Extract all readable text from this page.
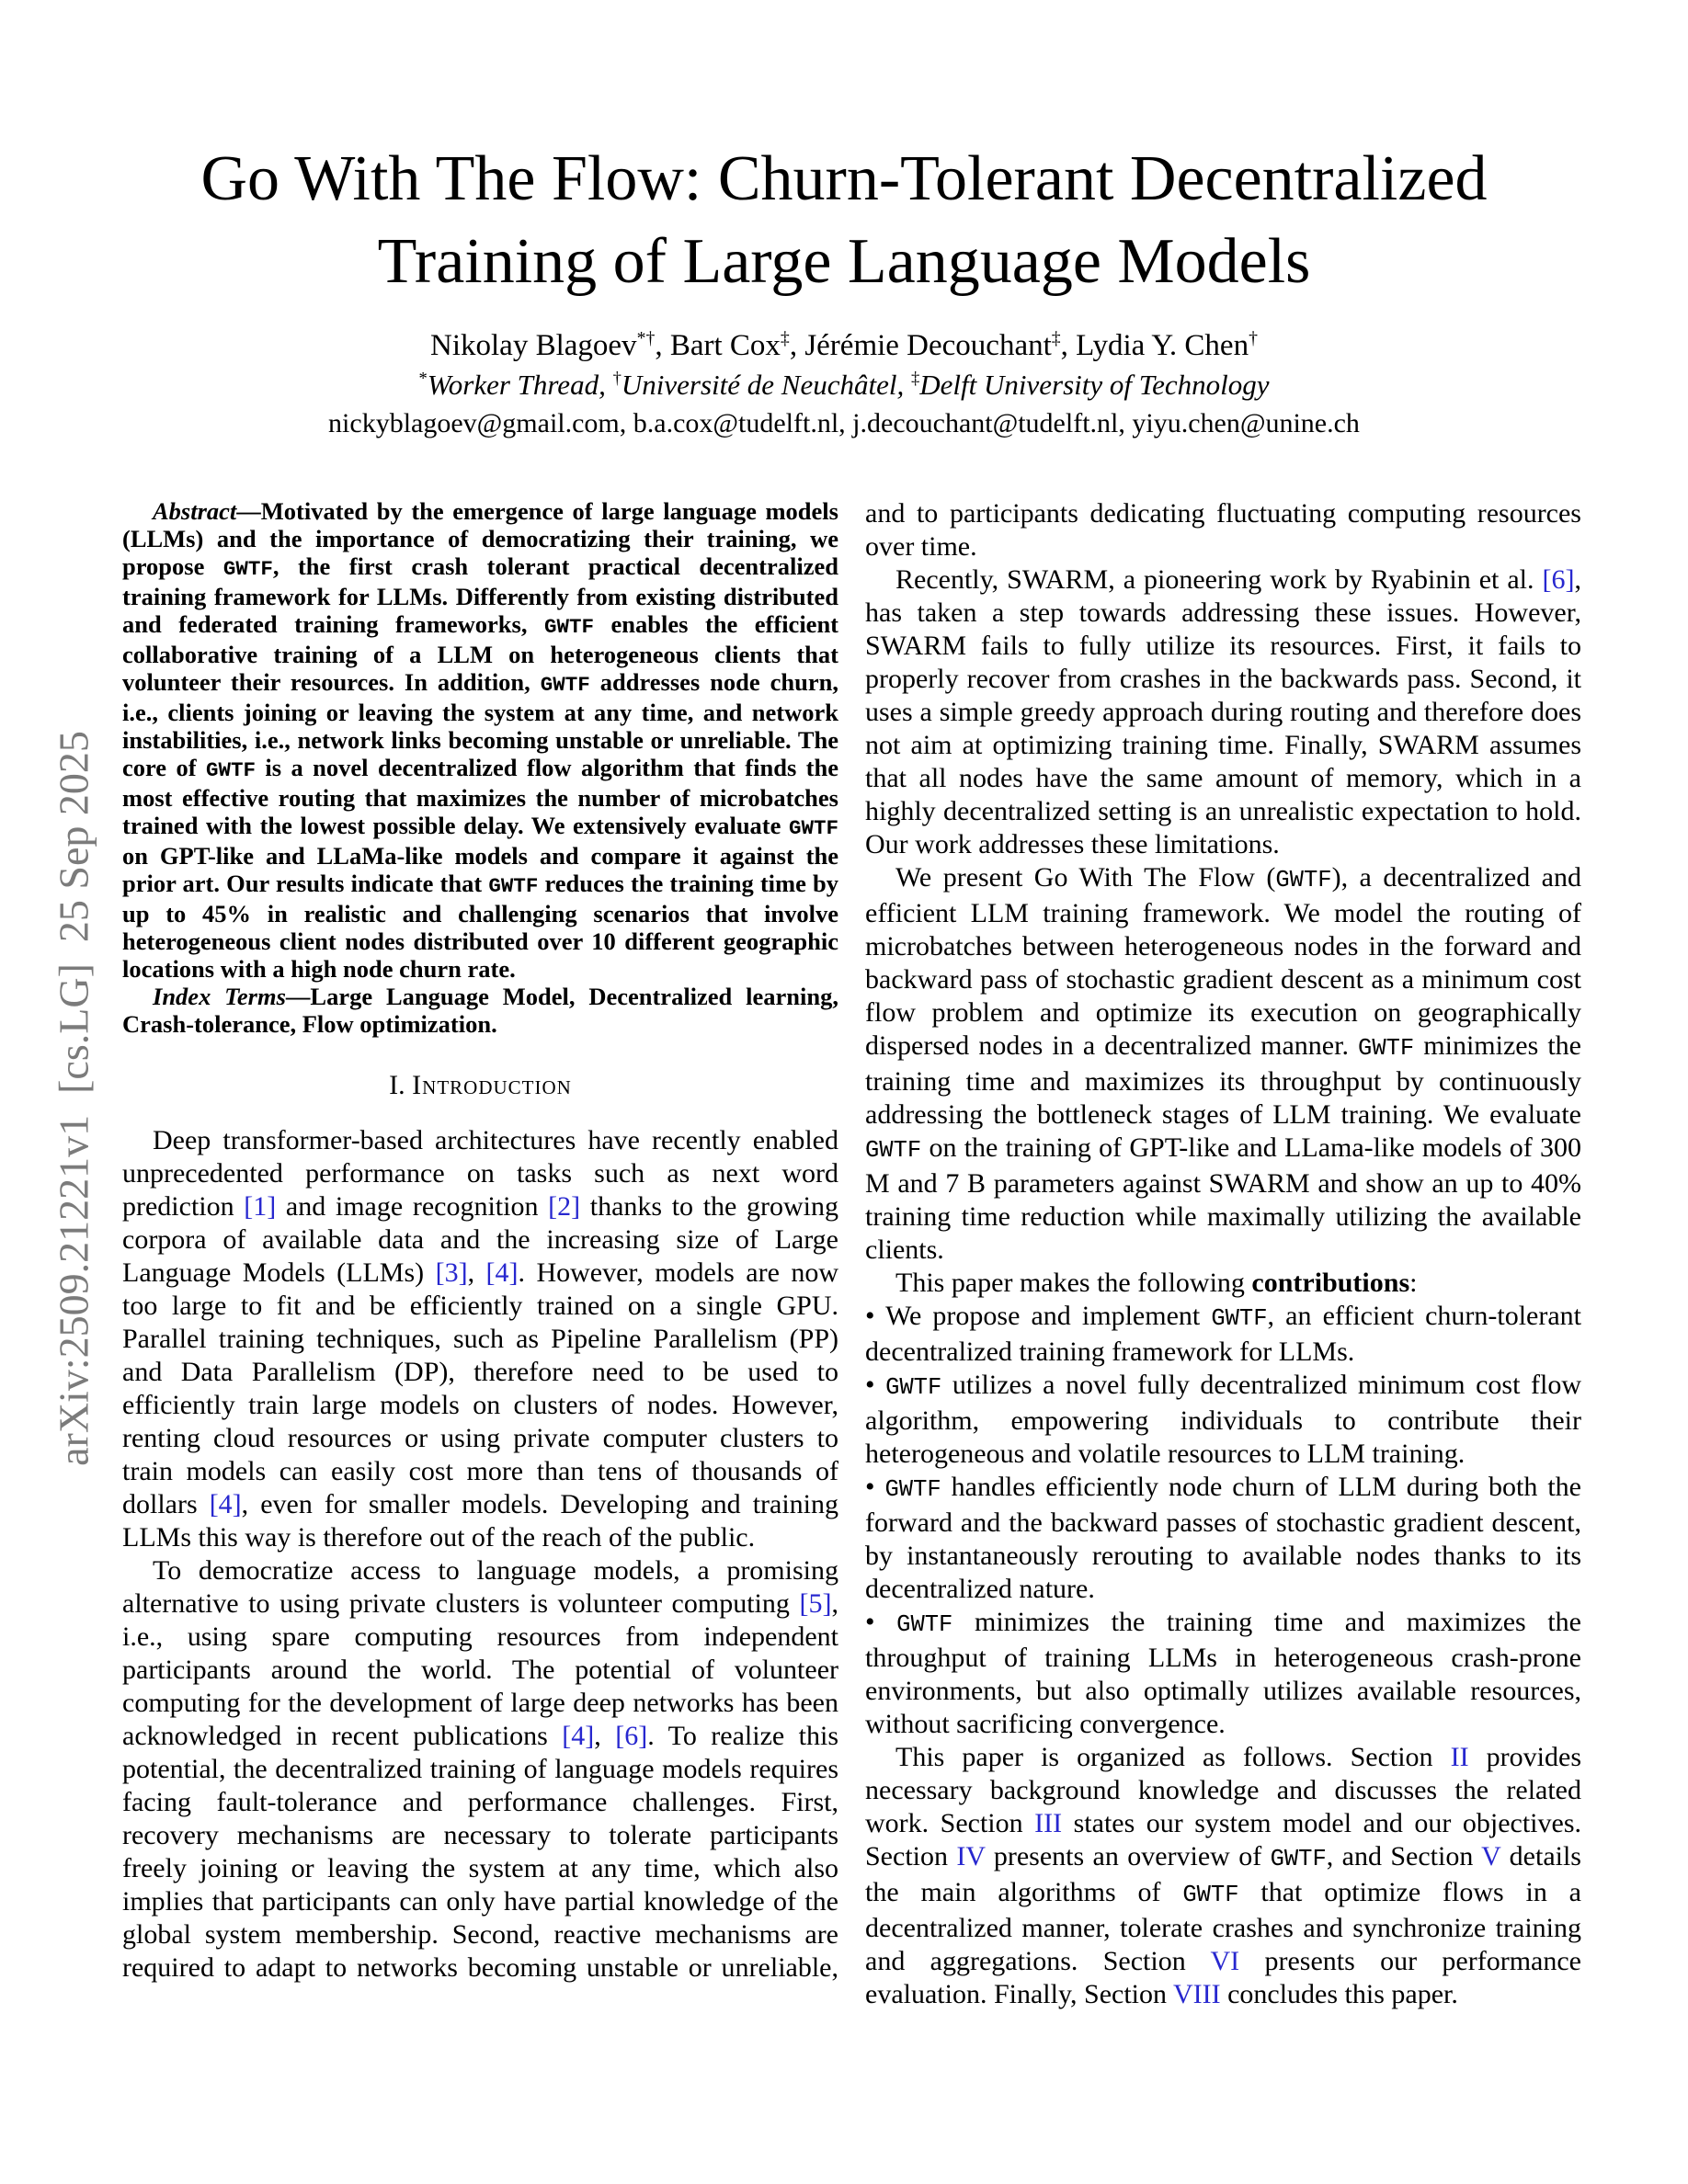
arXiv:2509.21221v1  [cs.LG]  25 Sep 2025
Go With The Flow: Churn-Tolerant Decentralized
Training of Large Language Models
Nikolay Blagoev*†, Bart Cox‡, Jérémie Decouchant‡, Lydia Y. Chen†
*Worker Thread, †Université de Neuchâtel, ‡Delft University of Technology
nickyblagoev@gmail.com, b.a.cox@tudelft.nl, j.decouchant@tudelft.nl, yiyu.chen@unine.ch

Abstract—Motivated by the emergence of large language models (LLMs) and the importance of democratizing their training, we propose GWTF, the first crash tolerant practical decentralized training framework for LLMs. Differently from existing distributed and federated training frameworks, GWTF enables the efficient collaborative training of a LLM on heterogeneous clients that volunteer their resources. In addition, GWTF addresses node churn, i.e., clients joining or leaving the system at any time, and network instabilities, i.e., network links becoming unstable or unreliable. The core of GWTF is a novel decentralized flow algorithm that finds the most effective routing that maximizes the number of microbatches trained with the lowest possible delay. We extensively evaluate GWTF on GPT-like and LLaMa-like models and compare it against the prior art. Our results indicate that GWTF reduces the training time by up to 45% in realistic and challenging scenarios that involve heterogeneous client nodes distributed over 10 different geographic locations with a high node churn rate.

Index Terms—Large Language Model, Decentralized learning, Crash-tolerance, Flow optimization.

I. Introduction

Deep transformer-based architectures have recently enabled unprecedented performance on tasks such as next word prediction [1] and image recognition [2] thanks to the growing corpora of available data and the increasing size of Large Language Models (LLMs) [3], [4]. However, models are now too large to fit and be efficiently trained on a single GPU. Parallel training techniques, such as Pipeline Parallelism (PP) and Data Parallelism (DP), therefore need to be used to efficiently train large models on clusters of nodes. However, renting cloud resources or using private computer clusters to train models can easily cost more than tens of thousands of dollars [4], even for smaller models. Developing and training LLMs this way is therefore out of the reach of the public.

To democratize access to language models, a promising alternative to using private clusters is volunteer computing [5], i.e., using spare computing resources from independent participants around the world. The potential of volunteer computing for the development of large deep networks has been acknowledged in recent publications [4], [6]. To realize this potential, the decentralized training of language models requires facing fault-tolerance and performance challenges. First, recovery mechanisms are necessary to tolerate participants freely joining or leaving the system at any time, which also implies that participants can only have partial knowledge of the global system membership. Second, reactive mechanisms are required to adapt to networks becoming unstable or unreliable,

and to participants dedicating fluctuating computing resources over time.

Recently, SWARM, a pioneering work by Ryabinin et al. [6], has taken a step towards addressing these issues. However, SWARM fails to fully utilize its resources. First, it fails to properly recover from crashes in the backwards pass. Second, it uses a simple greedy approach during routing and therefore does not aim at optimizing training time. Finally, SWARM assumes that all nodes have the same amount of memory, which in a highly decentralized setting is an unrealistic expectation to hold. Our work addresses these limitations.

We present Go With The Flow (GWTF), a decentralized and efficient LLM training framework. We model the routing of microbatches between heterogeneous nodes in the forward and backward pass of stochastic gradient descent as a minimum cost flow problem and optimize its execution on geographically dispersed nodes in a decentralized manner. GWTF minimizes the training time and maximizes its throughput by continuously addressing the bottleneck stages of LLM training. We evaluate GWTF on the training of GPT-like and LLama-like models of 300 M and 7 B parameters against SWARM and show an up to 40% training time reduction while maximally utilizing the available clients.

This paper makes the following contributions:

• We propose and implement GWTF, an efficient churn-tolerant decentralized training framework for LLMs.

• GWTF utilizes a novel fully decentralized minimum cost flow algorithm, empowering individuals to contribute their heterogeneous and volatile resources to LLM training.

• GWTF handles efficiently node churn of LLM during both the forward and the backward passes of stochastic gradient descent, by instantaneously rerouting to available nodes thanks to its decentralized nature.

• GWTF minimizes the training time and maximizes the throughput of training LLMs in heterogeneous crash-prone environments, but also optimally utilizes available resources, without sacrificing convergence.

This paper is organized as follows. Section II provides necessary background knowledge and discusses the related work. Section III states our system model and our objectives. Section IV presents an overview of GWTF, and Section V details the main algorithms of GWTF that optimize flows in a decentralized manner, tolerate crashes and synchronize training and aggregations. Section VI presents our performance evaluation. Finally, Section VIII concludes this paper.
